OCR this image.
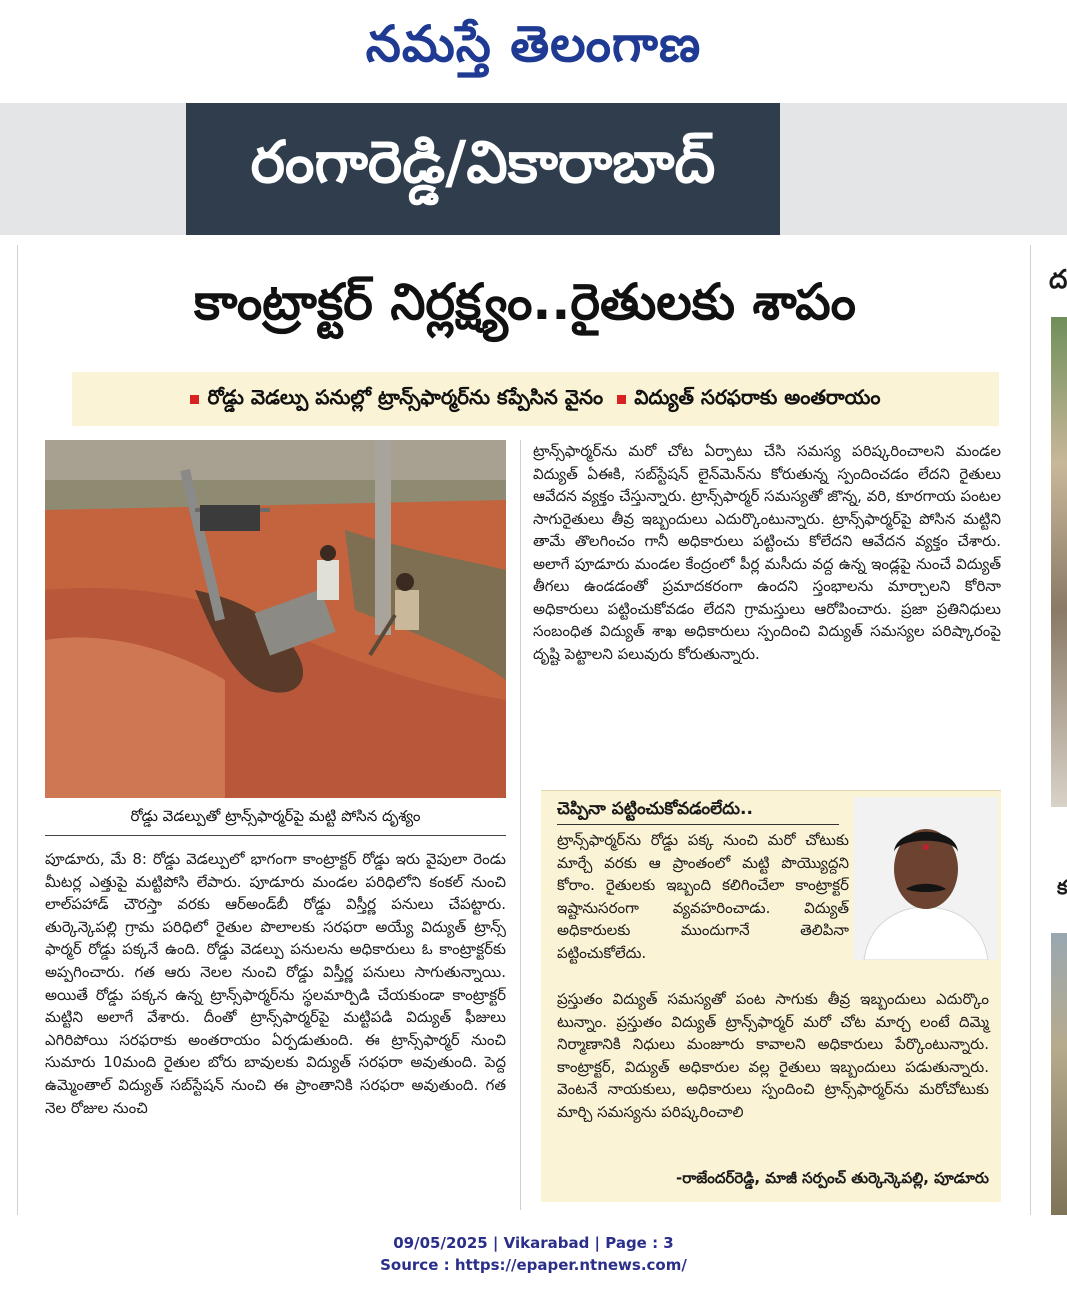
నమస్తే తెలంగాణ
రంగారెడ్డి/వికారాబాద్
ద
క
కాంట్రాక్టర్ నిర్లక్ష్యం..రైతులకు శాపం
రోడ్డు వెడల్పు పనుల్లో ట్రాన్స్‌ఫార్మర్‌ను కప్పేసిన వైనం విద్యుత్ సరఫరాకు అంతరాయం
రోడ్డు వెడల్పుతో ట్రాన్స్‌ఫార్మర్‌పై మట్టి పోసిన దృశ్యం

పూడూరు, మే 8: రోడ్డు వెడల్పులో భాగంగా కాంట్రాక్టర్ రోడ్డు ఇరు వైపులా రెండు మీటర్ల ఎత్తుపై మట్టిపోసి లేపారు. పూడూరు మండల పరిధిలోని కంకల్ నుంచి లాల్‌పహాడ్ చౌరస్తా వరకు ఆర్అండ్‌బీ రోడ్డు విస్తీర్ణ పనులు చేపట్టారు. తుర్కెన్కెపల్లి గ్రామ పరిధిలో రైతుల పొలాలకు సరఫరా అయ్యే విద్యుత్ ట్రాన్స్ ఫార్మర్ రోడ్డు పక్కనే ఉంది. రోడ్డు వెడల్పు పనులను అధికారులు ఓ కాంట్రాక్టర్‌కు అప్పగించారు. గత ఆరు నెలల నుంచి రోడ్డు విస్తీర్ణ పనులు సాగుతున్నాయి. అయితే రోడ్డు పక్కన ఉన్న ట్రాన్స్‌ఫార్మర్‌ను స్థలమార్పిడి చేయకుండా కాంట్రాక్టర్ మట్టిని అలాగే వేశారు. దీంతో ట్రాన్స్‌ఫార్మర్‌పై మట్టిపడి విద్యుత్ ఫీజులు ఎగిరిపోయి సరఫరాకు అంతరాయం ఏర్పడుతుంది. ఈ ట్రాన్స్‌ఫార్మర్ నుంచి సుమారు 10మంది రైతుల బోరు బావులకు విద్యుత్ సరఫరా అవుతుంది. పెద్ద ఉమ్మెంతాల్ విద్యుత్ సబ్‌స్టేషన్ నుంచి ఈ ప్రాంతానికి సరఫరా అవుతుంది. గత నెల రోజుల నుంచి

ట్రాన్స్‌ఫార్మర్‌ను మరో చోట ఏర్పాటు చేసి సమస్య పరిష్కరించాలని మండల విద్యుత్ ఏఈకి, సబ్‌స్టేషన్ లైన్‌మెన్‌ను కోరుతున్న స్పందించడం లేదని రైతులు ఆవేదన వ్యక్తం చేస్తున్నారు. ట్రాన్స్‌ఫార్మర్ సమస్యతో జొన్న, వరి, కూరగాయ పంటల సాగురైతులు తీవ్ర ఇబ్బందులు ఎదుర్కొంటున్నారు. ట్రాన్స్‌ఫార్మర్‌పై పోసిన మట్టిని తామే తొలగించం గానీ అధికారులు పట్టించు కోలేదని ఆవేదన వ్యక్తం చేశారు. అలాగే పూడూరు మండల కేంద్రంలో పీర్ల మసీదు వద్ద ఉన్న ఇండ్లపై నుంచే విద్యుత్ తీగలు ఉండడంతో ప్రమాదకరంగా ఉందని స్తంభాలను మార్చాలని కోరినా అధికారులు పట్టించుకోవడం లేదని గ్రామస్తులు ఆరోపించారు. ప్రజా ప్రతినిధులు సంబంధిత విద్యుత్ శాఖ అధికారులు స్పందించి విద్యుత్ సమస్యల పరిష్కారంపై దృష్టి పెట్టాలని పలువురు కోరుతున్నారు.

చెప్పినా పట్టించుకోవడంలేదు..
ట్రాన్స్‌ఫార్మర్‌ను రోడ్డు పక్క నుంచి మరో చోటుకు మార్చే వరకు ఆ ప్రాంతంలో మట్టి పొయ్యొద్దని కోరాం. రైతులకు ఇబ్బంది కలిగించేలా కాంట్రాక్టర్ ఇష్టానుసరంగా వ్యవహరించాడు. విద్యుత్ అధికారులకు ముందుగానే తెలిపినా పట్టించుకోలేదు.
ప్రస్తుతం విద్యుత్ సమస్యతో పంట సాగుకు తీవ్ర ఇబ్బందులు ఎదుర్కొం టున్నాం. ప్రస్తుతం విద్యుత్ ట్రాన్స్‌ఫార్మర్ మరో చోట మార్చ లంటే దిమ్మె నిర్మాణానికి నిధులు మంజూరు కావాలని అధికారులు పేర్కొంటున్నారు. కాంట్రాక్టర్, విద్యుత్ అధికారుల వల్ల రైతులు ఇబ్బందులు పడుతున్నారు. వెంటనే నాయకులు, అధికారులు స్పందించి ట్రాన్స్‌ఫార్మర్‌ను మరోచోటుకు మార్చి సమస్యను పరిష్కరించాలి
-రాజేందర్‌రెడ్డి, మాజీ సర్పంచ్ తుర్కెన్కెపల్లి, పూడూరు
09/05/2025 | Vikarabad | Page : 3
Source : https://epaper.ntnews.com/
